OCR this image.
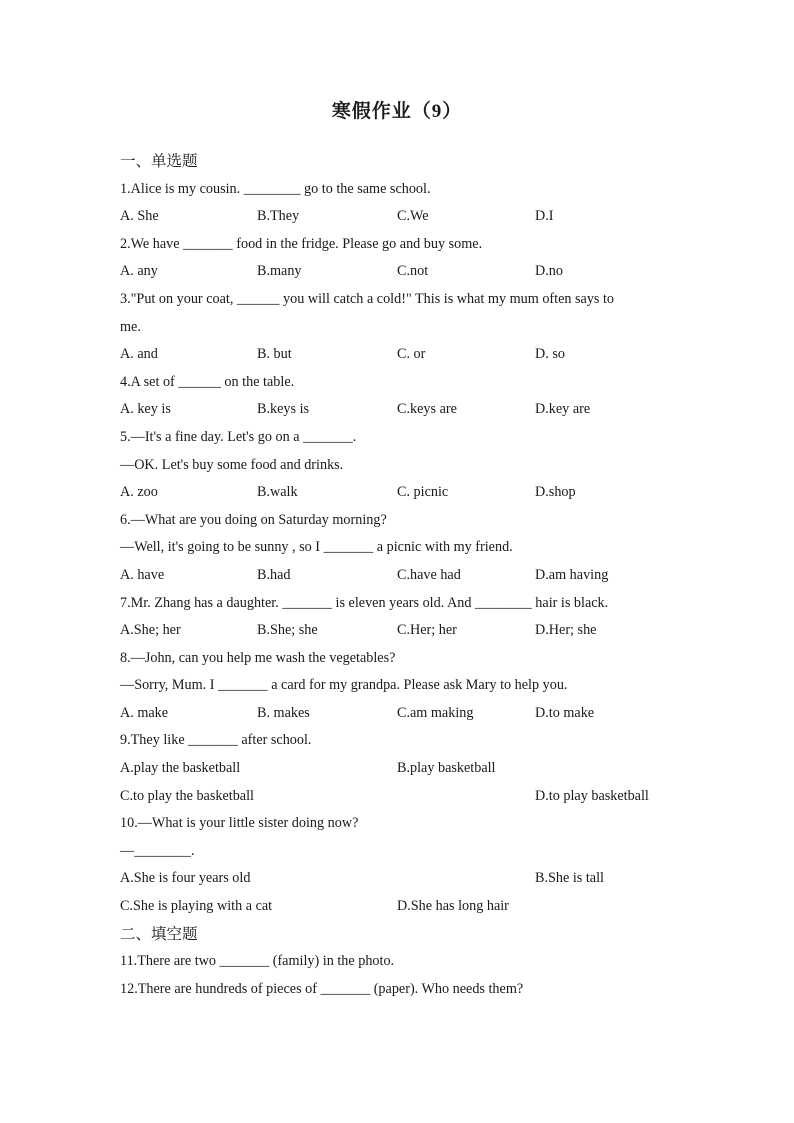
寒假作业（9）
一、单选题
1.Alice is my cousin. ________ go to the same school.
A. She	B.They	C.We	D.I
2.We have _______ food in the fridge. Please go and buy some.
A. any	B.many	C.not	D.no
3."Put on your coat, ______ you will catch a cold!" This is what my mum often says to
me.
A. and	B. but	C. or	D. so
4.A set of ______ on the table.
A. key is	B.keys is	C.keys are	D.key are
5.—It's a fine day. Let's go on a _______.
—OK. Let's buy some food and drinks.
A. zoo	B.walk	C. picnic	D.shop
6.—What are you doing on Saturday morning?
—Well, it's going to be sunny , so I _______ a picnic with my friend.
A. have	B.had	C.have had	D.am having
7.Mr. Zhang has a daughter. _______ is eleven years old. And ________ hair is black.
A.She; her	B.She; she	C.Her; her	D.Her; she
8.—John, can you help me wash the vegetables?
—Sorry, Mum. I _______ a card for my grandpa. Please ask Mary to help you.
A. make	B. makes	C.am making	D.to make
9.They like _______ after school.
A.play the basketball	B.play basketball
C.to play the basketball	D.to play basketball
10.—What is your little sister doing now?
—________.
A.She is four years old	B.She is tall
C.She is playing with a cat	D.She has long hair
二、填空题
11.There are two _______ (family) in the photo.
12.There are hundreds of pieces of _______ (paper). Who needs them?
